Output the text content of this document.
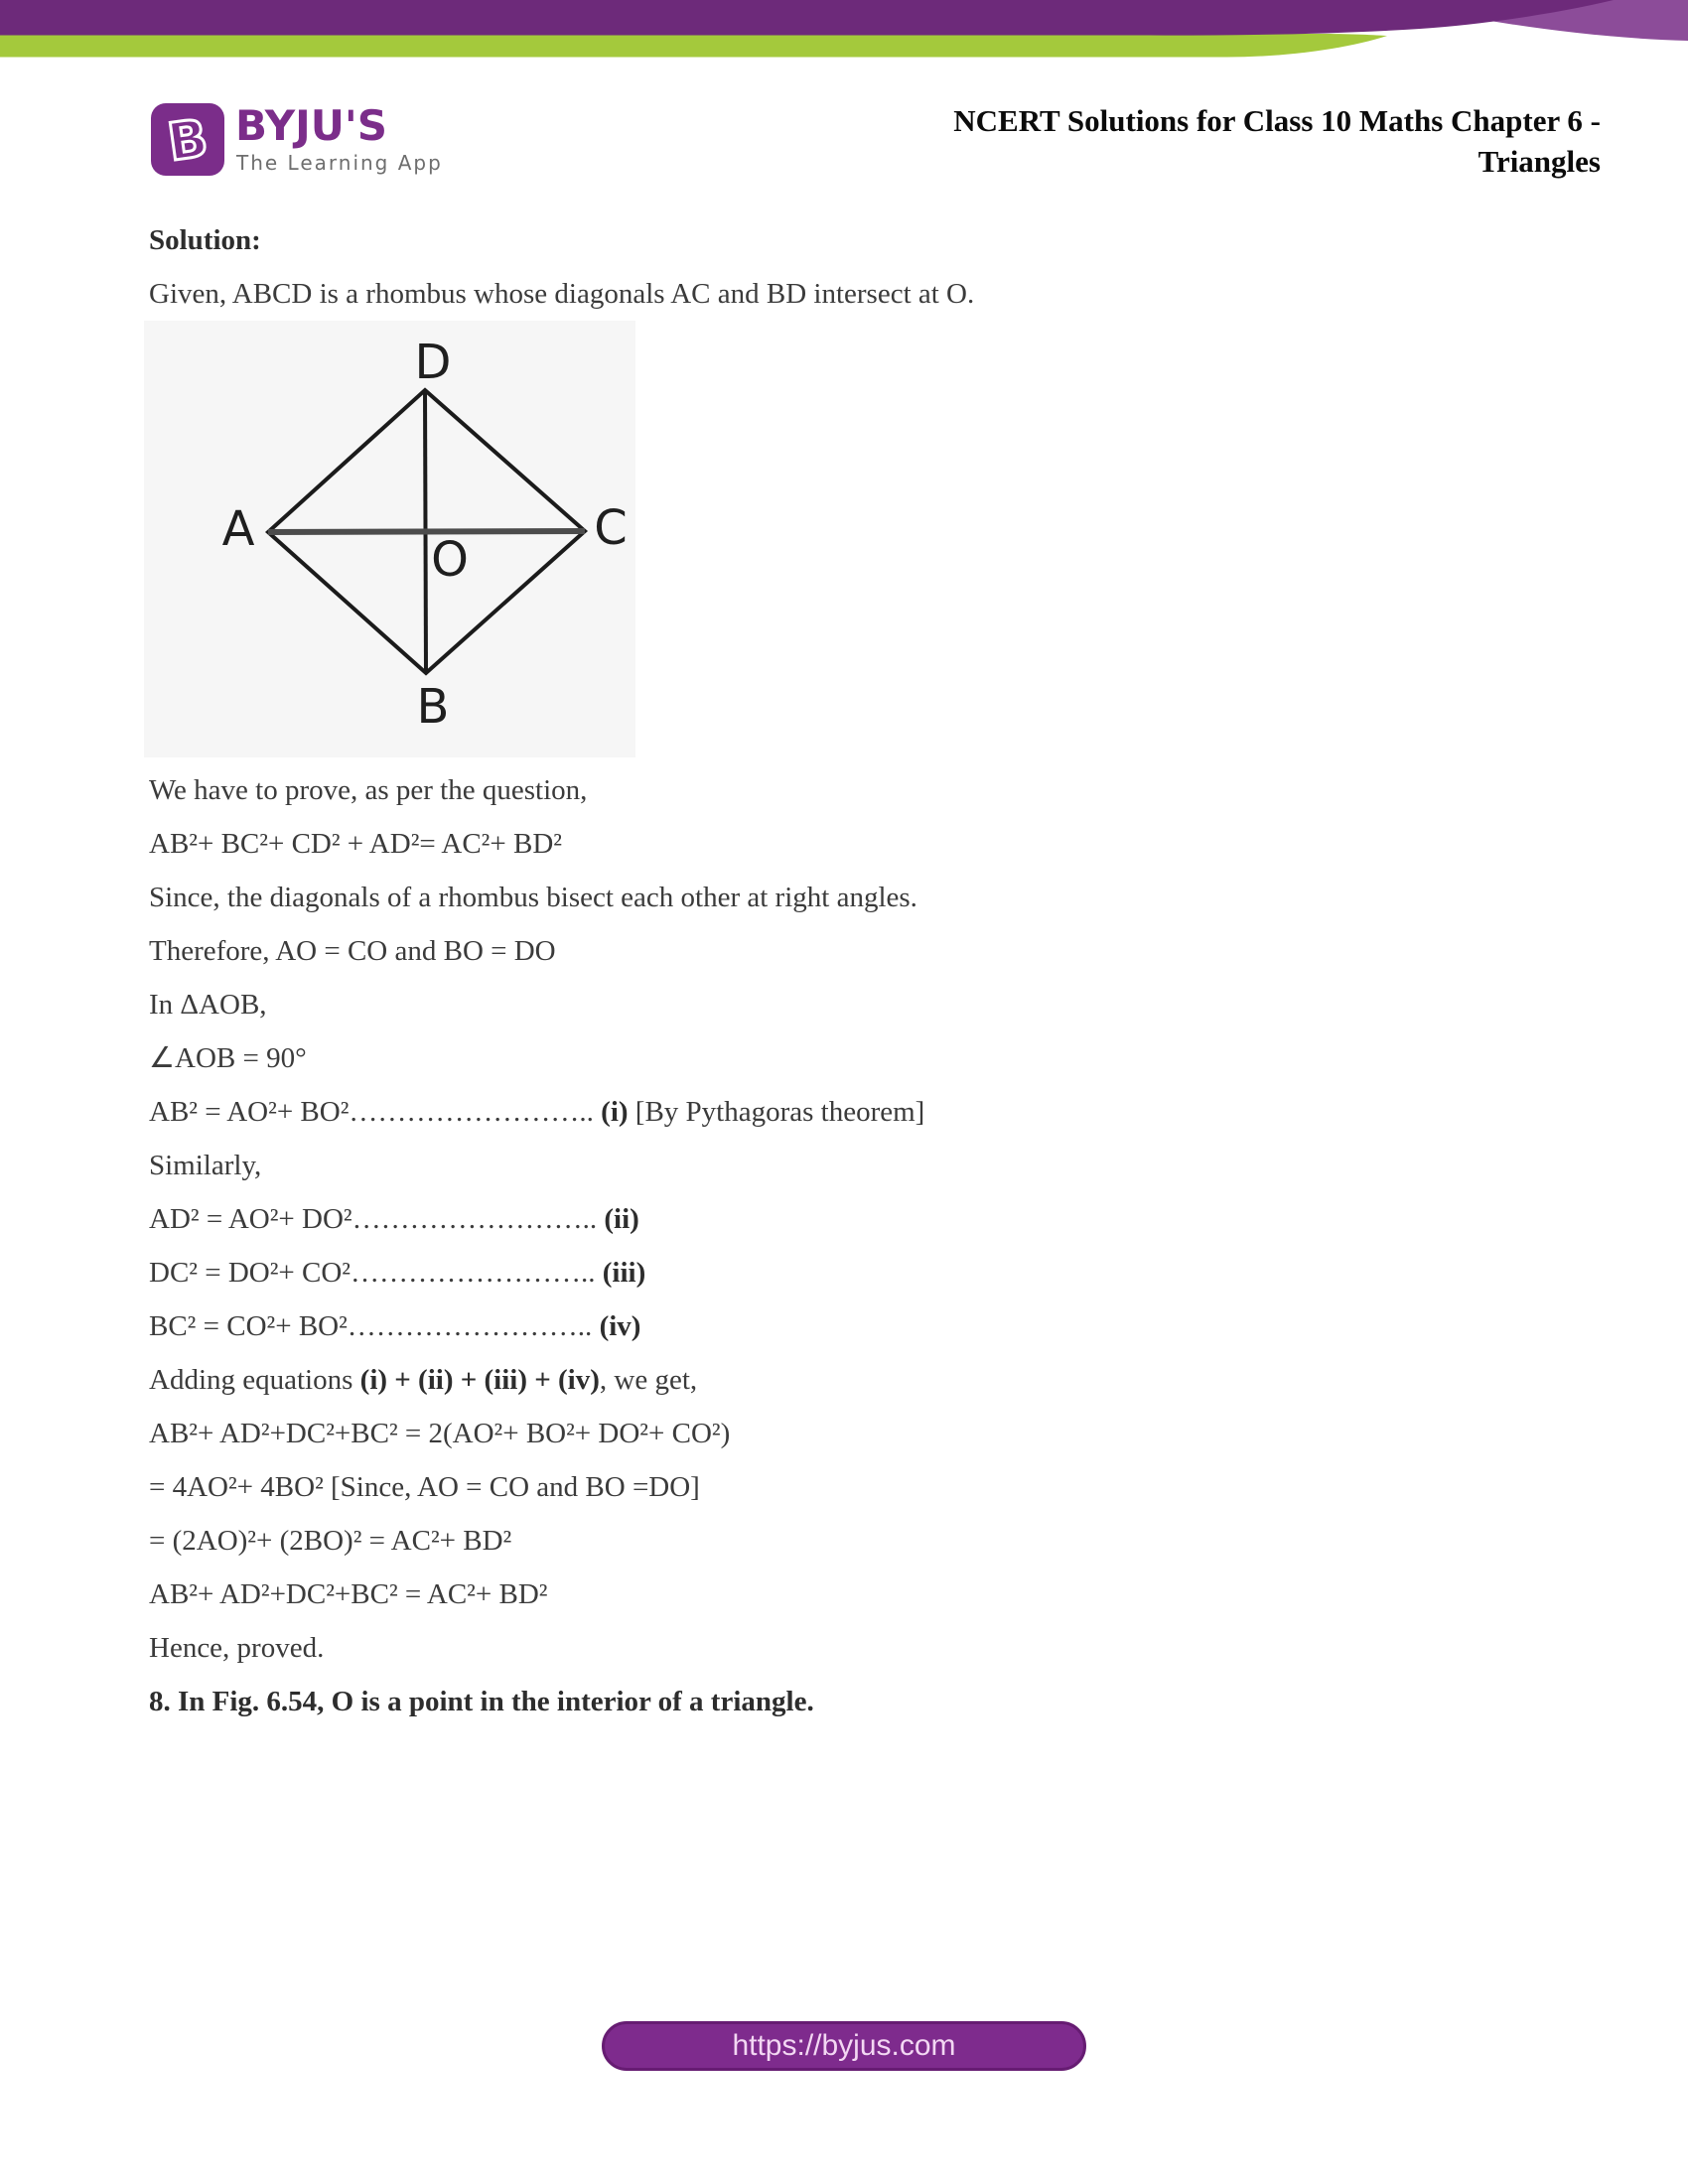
B BYJU'S
The Learning App
NCERT Solutions for Class 10 Maths Chapter 6 -
Triangles

Solution:

Given, ABCD is a rhombus whose diagonals AC and BD intersect at O.

D
A	C
O
B

We have to prove, as per the question,

AB²+ BC²+ CD² + AD²= AC²+ BD²

Since, the diagonals of a rhombus bisect each other at right angles.

Therefore, AO = CO and BO = DO

In ΔAOB,

∠AOB = 90°

AB² = AO²+ BO²…………………….. (i) [By Pythagoras theorem]

Similarly,

AD² = AO²+ DO²…………………….. (ii)

DC² = DO²+ CO²…………………….. (iii)

BC² = CO²+ BO²…………………….. (iv)

Adding equations (i) + (ii) + (iii) + (iv), we get,

AB²+ AD²+DC²+BC² = 2(AO²+ BO²+ DO²+ CO²)

= 4AO²+ 4BO² [Since, AO = CO and BO =DO]

= (2AO)²+ (2BO)² = AC²+ BD²

AB²+ AD²+DC²+BC² = AC²+ BD²

Hence, proved.

8. In Fig. 6.54, O is a point in the interior of a triangle.

https://byjus.com
